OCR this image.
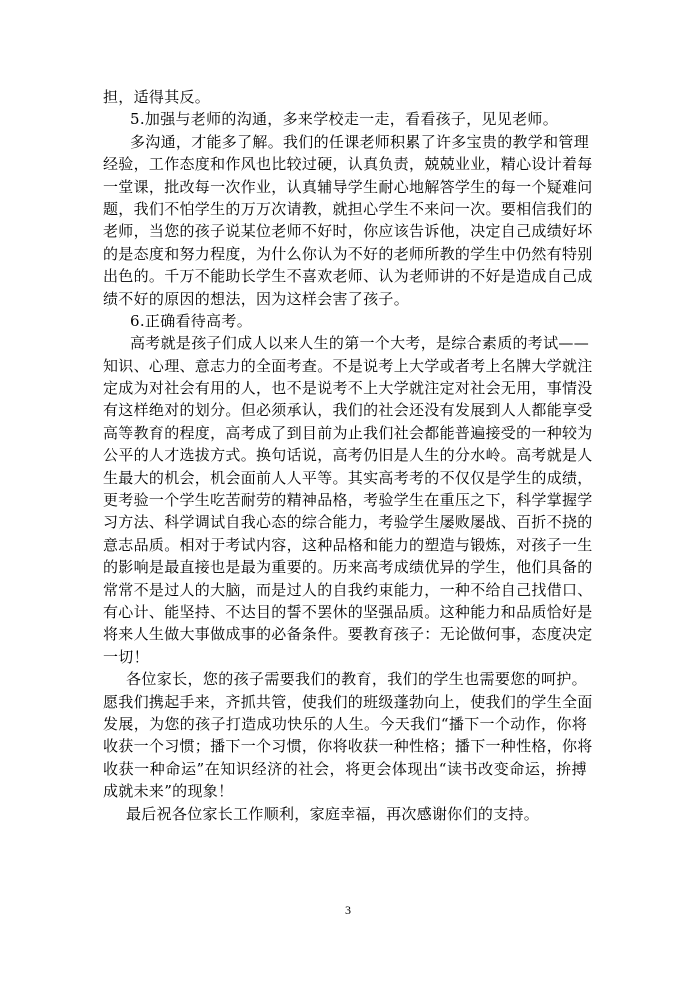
担，适得其反。
5.加强与老师的沟通，多来学校走一走，看看孩子，见见老师。
多沟通，才能多了解。我们的任课老师积累了许多宝贵的教学和管理
经验，工作态度和作风也比较过硬，认真负责，兢兢业业，精心设计着每
一堂课，批改每一次作业，认真辅导学生耐心地解答学生的每一个疑难问
题，我们不怕学生的万万次请教，就担心学生不来问一次。要相信我们的
老师，当您的孩子说某位老师不好时，你应该告诉他，决定自己成绩好坏
的是态度和努力程度，为什么你认为不好的老师所教的学生中仍然有特别
出色的。千万不能助长学生不喜欢老师、认为老师讲的不好是造成自己成
绩不好的原因的想法，因为这样会害了孩子。
6.正确看待高考。
高考就是孩子们成人以来人生的第一个大考，是综合素质的考试——
知识、心理、意志力的全面考查。不是说考上大学或者考上名牌大学就注
定成为对社会有用的人，也不是说考不上大学就注定对社会无用，事情没
有这样绝对的划分。但必须承认，我们的社会还没有发展到人人都能享受
高等教育的程度，高考成了到目前为止我们社会都能普遍接受的一种较为
公平的人才选拔方式。换句话说，高考仍旧是人生的分水岭。高考就是人
生最大的机会，机会面前人人平等。其实高考考的不仅仅是学生的成绩，
更考验一个学生吃苦耐劳的精神品格，考验学生在重压之下，科学掌握学
习方法、科学调试自我心态的综合能力，考验学生屡败屡战、百折不挠的
意志品质。相对于考试内容，这种品格和能力的塑造与锻炼，对孩子一生
的影响是最直接也是最为重要的。历来高考成绩优异的学生，他们具备的
常常不是过人的大脑，而是过人的自我约束能力，一种不给自己找借口、
有心计、能坚持、不达目的誓不罢休的坚强品质。这种能力和品质恰好是
将来人生做大事做成事的必备条件。要教育孩子：无论做何事，态度决定
一切！
各位家长，您的孩子需要我们的教育，我们的学生也需要您的呵护。
愿我们携起手来，齐抓共管，使我们的班级蓬勃向上，使我们的学生全面
发展，为您的孩子打造成功快乐的人生。今天我们“播下一个动作，你将
收获一个习惯；播下一个习惯，你将收获一种性格；播下一种性格，你将
收获一种命运”在知识经济的社会，将更会体现出“读书改变命运，拚搏
成就未来”的现象！
最后祝各位家长工作顺利，家庭幸福，再次感谢你们的支持。
3
